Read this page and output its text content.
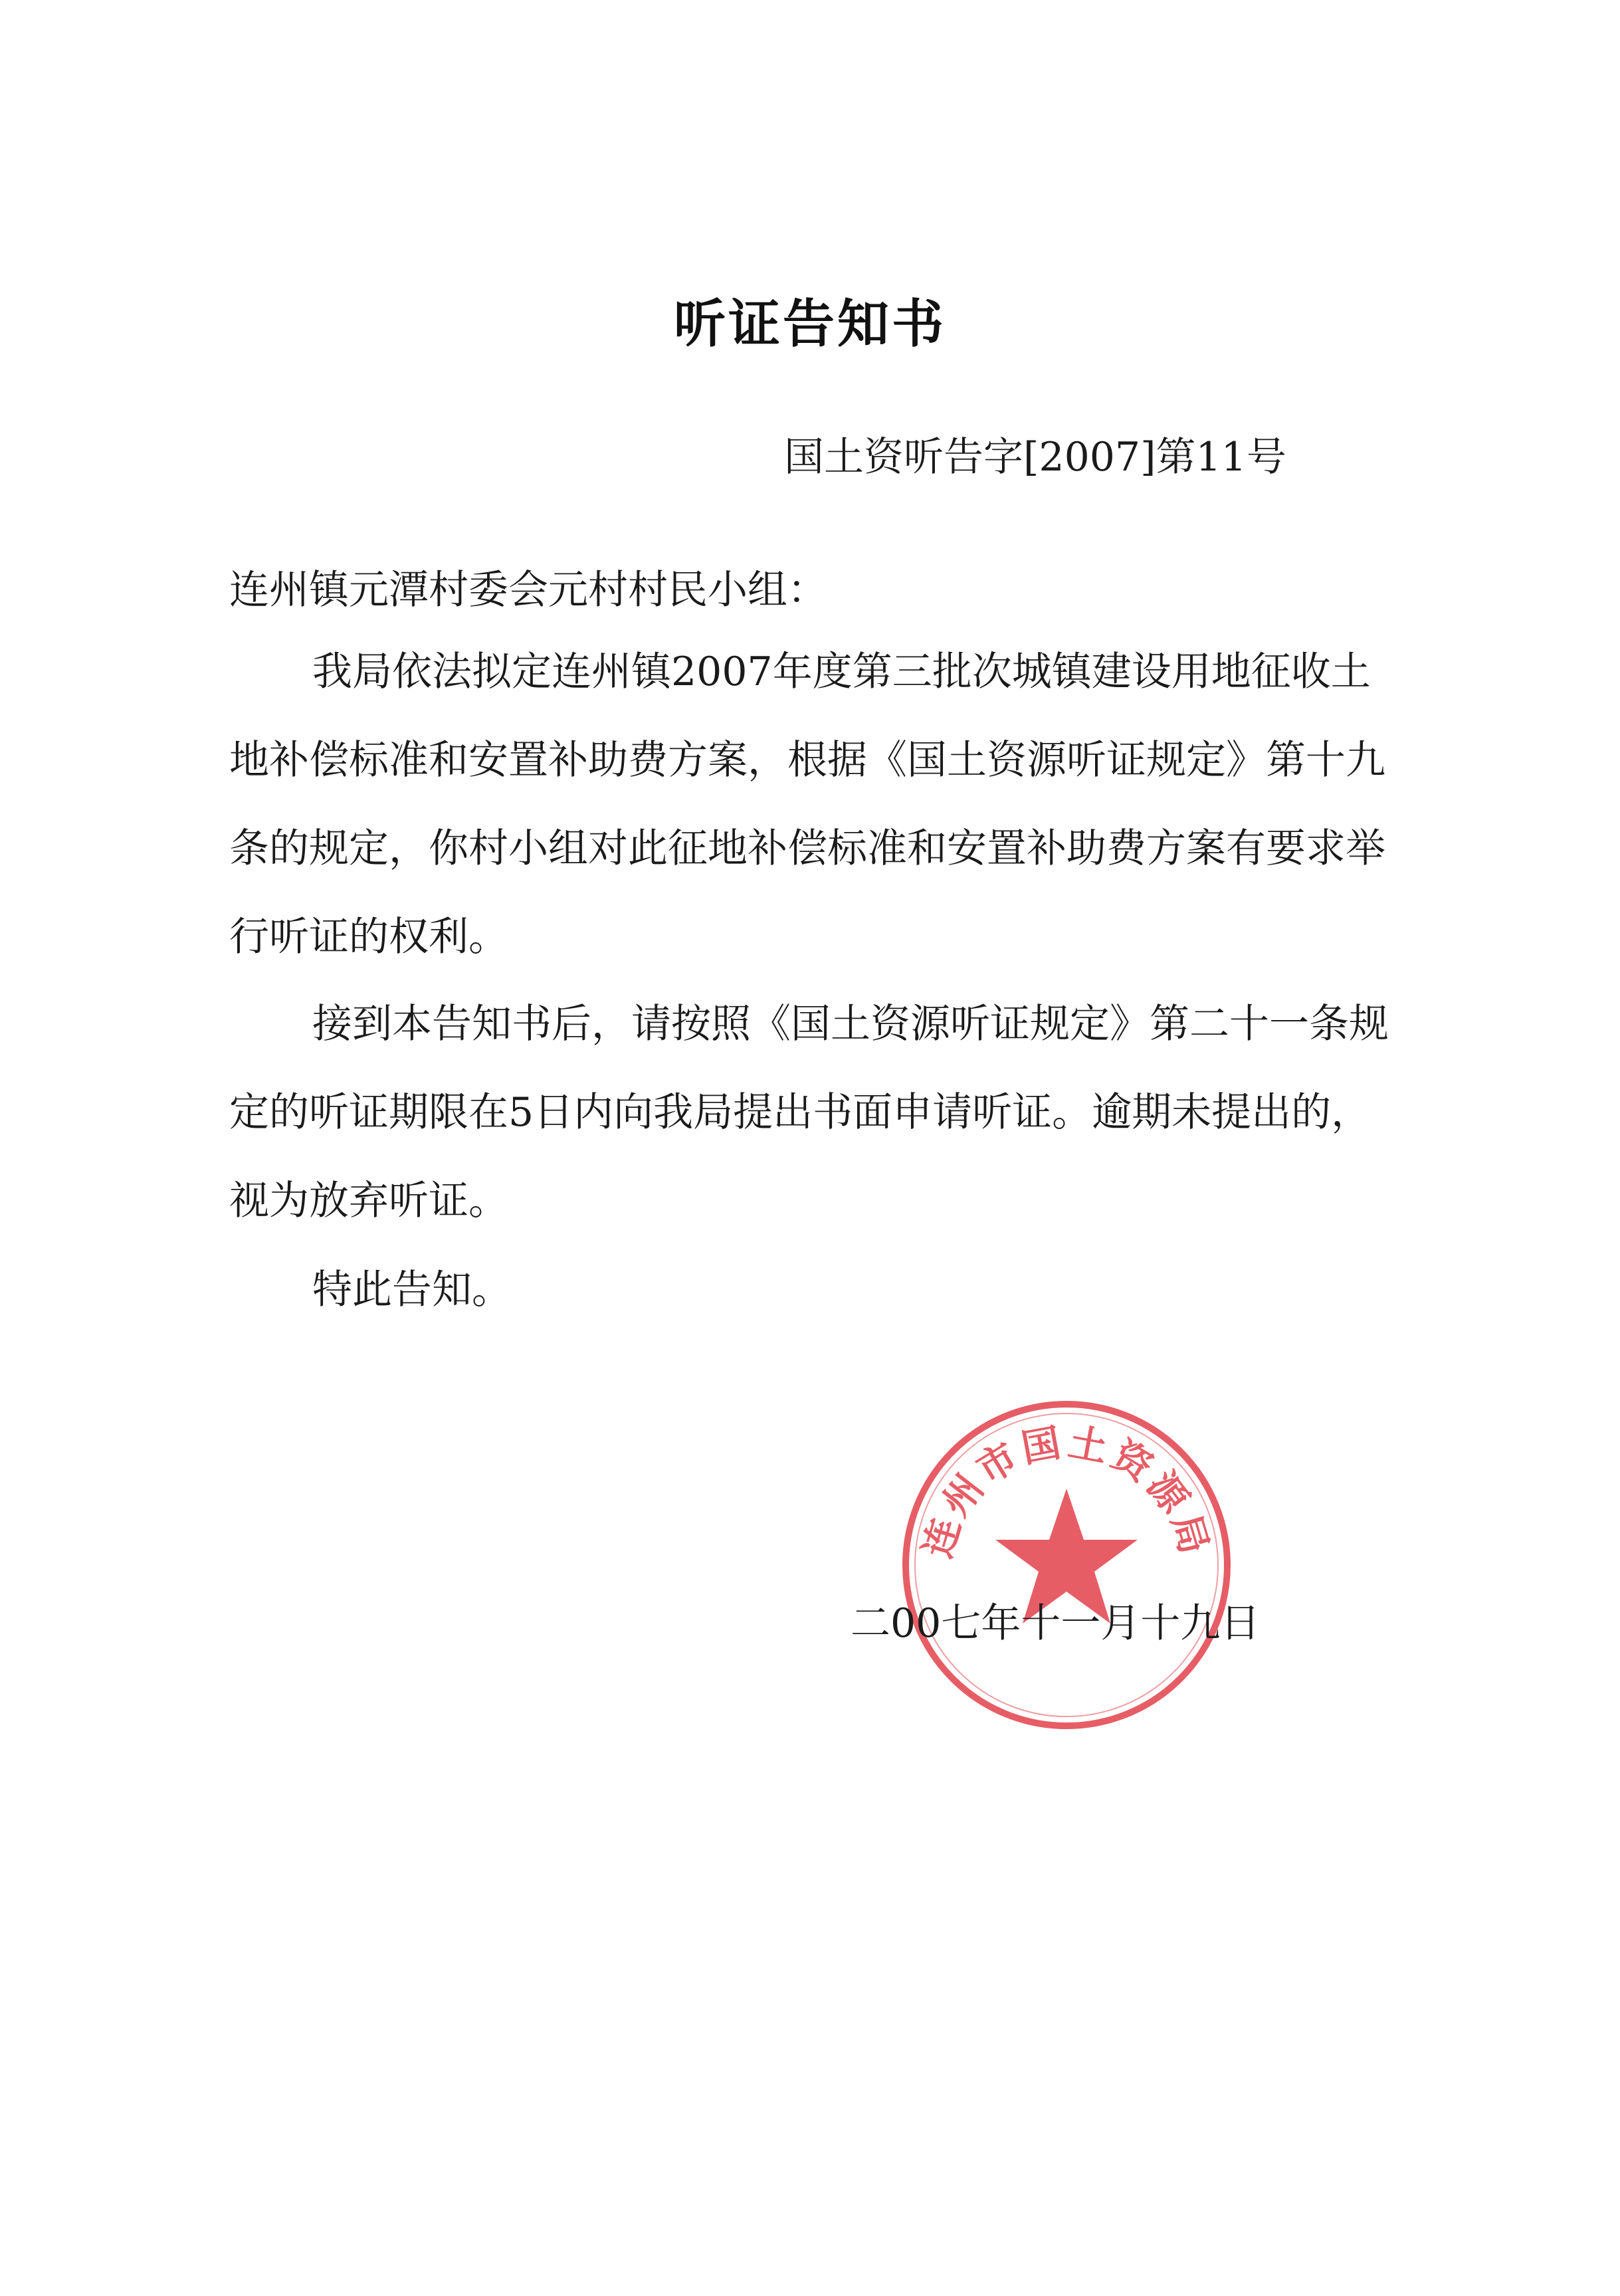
听证告知书
国土资听告字[2007]第11号
连州镇元潭村委会元村村民小组：

我局依法拟定连州镇2007年度第三批次城镇建设用地征收土地补偿标准和安置补助费方案，根据《国土资源听证规定》第十九条的规定，你村小组对此征地补偿标准和安置补助费方案有要求举行听证的权利。

接到本告知书后，请按照《国土资源听证规定》第二十一条规定的听证期限在5日内向我局提出书面申请听证。逾期未提出的，视为放弃听证。

特此告知。

连州市国土资源局
二00七年十一月十九日
